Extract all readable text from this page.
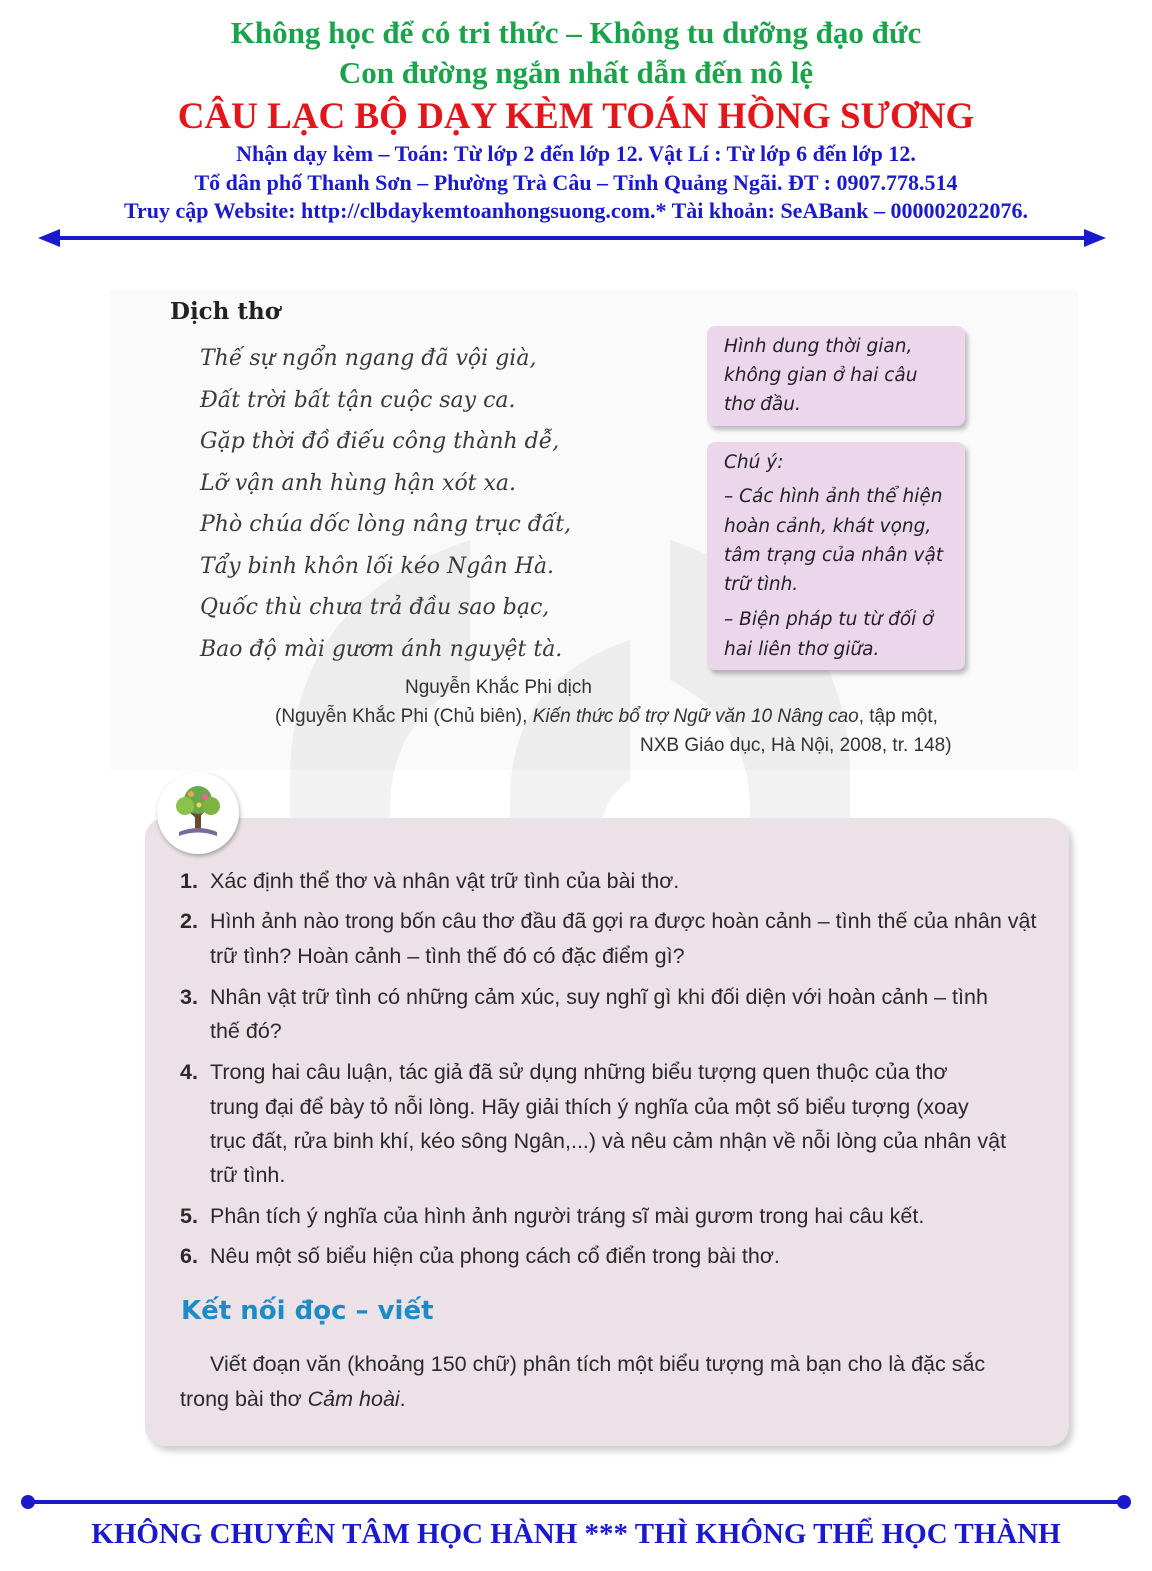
Không học để có tri thức – Không tu dưỡng đạo đức
Con đường ngắn nhất dẫn đến nô lệ
CÂU LẠC BỘ DẠY KÈM TOÁN HỒNG SƯƠNG
Nhận dạy kèm – Toán: Từ lớp 2 đến lớp 12. Vật Lí : Từ lớp 6 đến lớp 12.
Tổ dân phố Thanh Sơn – Phường Trà Câu – Tỉnh Quảng Ngãi. ĐT : 0907.778.514
Truy cập Website: http://clbdaykemtoanhongsuong.com.* Tài khoản: SeABank – 000002022076.
Dịch thơ
Thế sự ngổn ngang đã vội già,
Đất trời bất tận cuộc say ca.
Gặp thời đồ điếu công thành dễ,
Lỡ vận anh hùng hận xót xa.
Phò chúa dốc lòng nâng trục đất,
Tẩy binh khôn lối kéo Ngân Hà.
Quốc thù chưa trả đầu sao bạc,
Bao độ mài gươm ánh nguyệt tà.
Hình dung thời gian,
không gian ở hai câu
thơ đầu.
Chú ý:
– Các hình ảnh thể hiện
hoàn cảnh, khát vọng,
tâm trạng của nhân vật
trữ tình.
– Biện pháp tu từ đối ở
hai liên thơ giữa.
Nguyễn Khắc Phi dịch
(Nguyễn Khắc Phi (Chủ biên), Kiến thức bổ trợ Ngữ văn 10 Nâng cao, tập một,
NXB Giáo dục, Hà Nội, 2008, tr. 148)
1. Xác định thể thơ và nhân vật trữ tình của bài thơ.
2. Hình ảnh nào trong bốn câu thơ đầu đã gợi ra được hoàn cảnh – tình thế của nhân vật
trữ tình? Hoàn cảnh – tình thế đó có đặc điểm gì?
3. Nhân vật trữ tình có những cảm xúc, suy nghĩ gì khi đối diện với hoàn cảnh – tình
thế đó?
4. Trong hai câu luận, tác giả đã sử dụng những biểu tượng quen thuộc của thơ
trung đại để bày tỏ nỗi lòng. Hãy giải thích ý nghĩa của một số biểu tượng (xoay
trục đất, rửa binh khí, kéo sông Ngân,...) và nêu cảm nhận về nỗi lòng của nhân vật
trữ tình.
5. Phân tích ý nghĩa của hình ảnh người tráng sĩ mài gươm trong hai câu kết.
6. Nêu một số biểu hiện của phong cách cổ điển trong bài thơ.
Kết nối đọc – viết
Viết đoạn văn (khoảng 150 chữ) phân tích một biểu tượng mà bạn cho là đặc sắc
trong bài thơ Cảm hoài.
KHÔNG CHUYÊN TÂM HỌC HÀNH *** THÌ KHÔNG THỂ HỌC THÀNH
